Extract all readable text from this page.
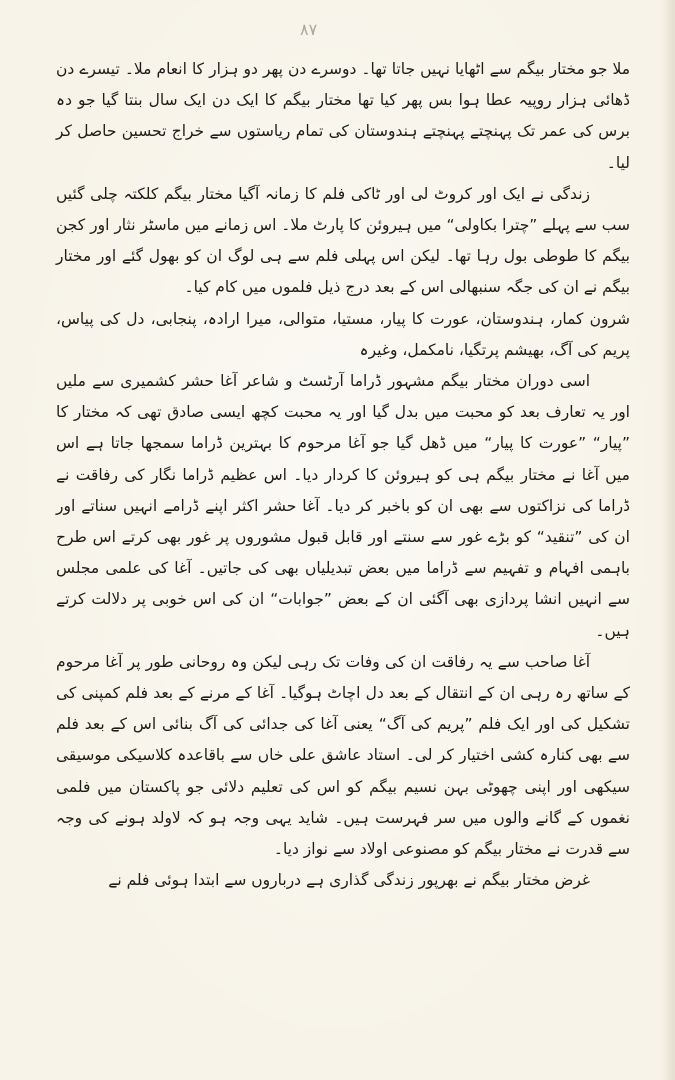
۸۷

ملا جو مختار بیگم سے اٹھایا نہیں جاتا تھا۔ دوسرے دن پھر دو ہزار کا انعام ملا۔ تیسرے دن ڈھائی ہزار روپیہ عطا ہوا بس پھر کیا تھا مختار بیگم کا ایک دن ایک سال بنتا گیا جو دہ برس کی عمر تک پہنچتے پہنچتے ہندوستان کی تمام ریاستوں سے خراج تحسین حاصل کر لیا۔

زندگی نے ایک اور کروٹ لی اور ٹاکی فلم کا زمانہ آگیا مختار بیگم کلکتہ چلی گئیں سب سے پہلے ”چترا بکاولی“ میں ہیروئن کا پارٹ ملا۔ اس زمانے میں ماسٹر نثار اور کجن بیگم کا طوطی بول رہا تھا۔ لیکن اس پہلی فلم سے ہی لوگ ان کو بھول گئے اور مختار بیگم نے ان کی جگہ سنبھالی اس کے بعد درج ذیل فلموں میں کام کیا۔

شرون کمار، ہندوستان، عورت کا پیار، مستیا، متوالی، میرا ارادہ، پنجابی، دل کی پیاس، پریم کی آگ، بھیشم پرتگیا، نامکمل، وغیرہ

اسی دوران مختار بیگم مشہور ڈراما آرٹسٹ و شاعر آغا حشر کشمیری سے ملیں اور یہ تعارف بعد کو محبت میں بدل گیا اور یہ محبت کچھ ایسی صادق تھی کہ مختار کا ”پیار“ ”عورت کا پیار“ میں ڈھل گیا جو آغا مرحوم کا بہترین ڈراما سمجھا جاتا ہے اس میں آغا نے مختار بیگم ہی کو ہیروئن کا کردار دیا۔ اس عظیم ڈراما نگار کی رفاقت نے ڈراما کی نزاکتوں سے بھی ان کو باخبر کر دیا۔ آغا حشر اکثر اپنے ڈرامے انہیں سناتے اور ان کی ”تنقید“ کو بڑے غور سے سنتے اور قابل قبول مشوروں پر غور بھی کرتے اس طرح باہمی افہام و تفہیم سے ڈراما میں بعض تبدیلیاں بھی کی جاتیں۔ آغا کی علمی مجلس سے انہیں انشا پردازی بھی آگئی ان کے بعض ”جوابات“ ان کی اس خوبی پر دلالت کرتے ہیں۔

آغا صاحب سے یہ رفاقت ان کی وفات تک رہی لیکن وہ روحانی طور پر آغا مرحوم کے ساتھ رہ رہی ان کے انتقال کے بعد دل اچاٹ ہوگیا۔ آغا کے مرنے کے بعد فلم کمپنی کی تشکیل کی اور ایک فلم ”پریم کی آگ“ یعنی آغا کی جدائی کی آگ بنائی اس کے بعد فلم سے بھی کنارہ کشی اختیار کر لی۔ استاد عاشق علی خاں سے باقاعدہ کلاسیکی موسیقی سیکھی اور اپنی چھوٹی بہن نسیم بیگم کو اس کی تعلیم دلائی جو پاکستان میں فلمی نغموں کے گانے والوں میں سر فہرست ہیں۔ شاید یہی وجہ ہو کہ لاولد ہونے کی وجہ سے قدرت نے مختار بیگم کو مصنوعی اولاد سے نواز دیا۔

غرض مختار بیگم نے بھرپور زندگی گذاری ہے درباروں سے ابتدا ہوئی فلم نے
